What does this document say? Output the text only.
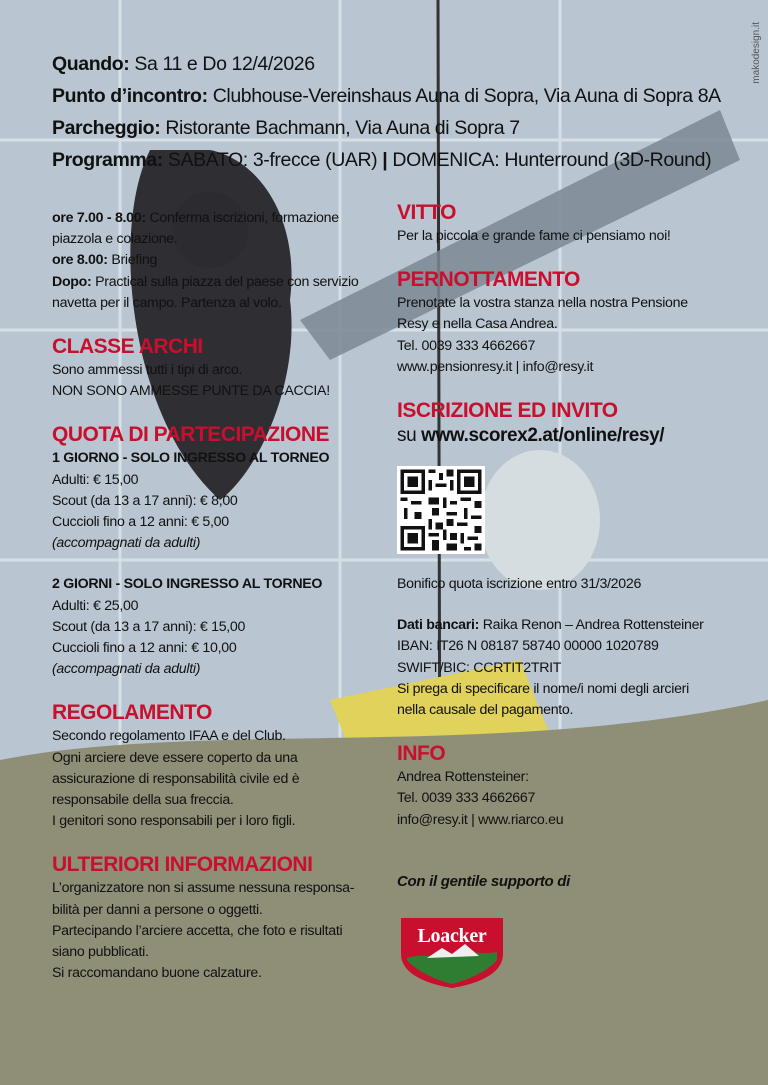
makodesign.it
Quando: Sa 11 e Do 12/4/2026
Punto d’incontro: Clubhouse-Vereinshaus Auna di Sopra, Via Auna di Sopra 8A
Parcheggio: Ristorante Bachmann, Via Auna di Sopra 7
Programma: SABATO: 3-frecce (UAR) | DOMENICA: Hunterround (3D-Round)

ore 7.00 - 8.00: Conferma iscrizioni, formazione piazzola e colazione.

ore 8.00: Briefing

Dopo: Practical sulla piazza del paese con servizio navetta per il campo. Partenza al volo.

CLASSE ARCHI

Sono ammessi tutti i tipi di arco.

NON SONO AMMESSE PUNTE DA CACCIA!

QUOTA DI PARTECIPAZIONE

1 GIORNO - SOLO INGRESSO AL TORNEO

Adulti: € 15,00

Scout (da 13 a 17 anni): € 8,00

Cuccioli fino a 12 anni: € 5,00

(accompagnati da adulti)

2 GIORNI - SOLO INGRESSO AL TORNEO

Adulti: € 25,00

Scout (da 13 a 17 anni): € 15,00

Cuccioli fino a 12 anni: € 10,00

(accompagnati da adulti)

REGOLAMENTO

Secondo regolamento IFAA e del Club.

Ogni arciere deve essere coperto da una

assicurazione di responsabilità civile ed è

responsabile della sua freccia.

I genitori sono responsabili per i loro figli.

ULTERIORI INFORMAZIONI

L’organizzatore non si assume nessuna responsa-

bilità per danni a persone o oggetti.

Partecipando l’arciere accetta, che foto e risultati

siano pubblicati.

Si raccomandano buone calzature.

VITTO

Per la piccola e grande fame ci pensiamo noi!

PERNOTTAMENTO

Prenotate la vostra stanza nella nostra Pensione

Resy e nella Casa Andrea.

Tel. 0039 333 4662667

www.pensionresy.it | info@resy.it

ISCRIZIONE ED INVITO

su www.scorex2.at/online/resy/

Bonifico quota iscrizione entro 31/3/2026

Dati bancari: Raika Renon – Andrea Rottensteiner

IBAN: IT26 N 08187 58740 00000 1020789

SWIFT/BIC: CCRTIT2TRIT

Si prega di specificare il nome/i nomi degli arcieri

nella causale del pagamento.

INFO

Andrea Rottensteiner:

Tel. 0039 333 4662667

info@resy.it | www.riarco.eu

Con il gentile supporto di

Loacker
